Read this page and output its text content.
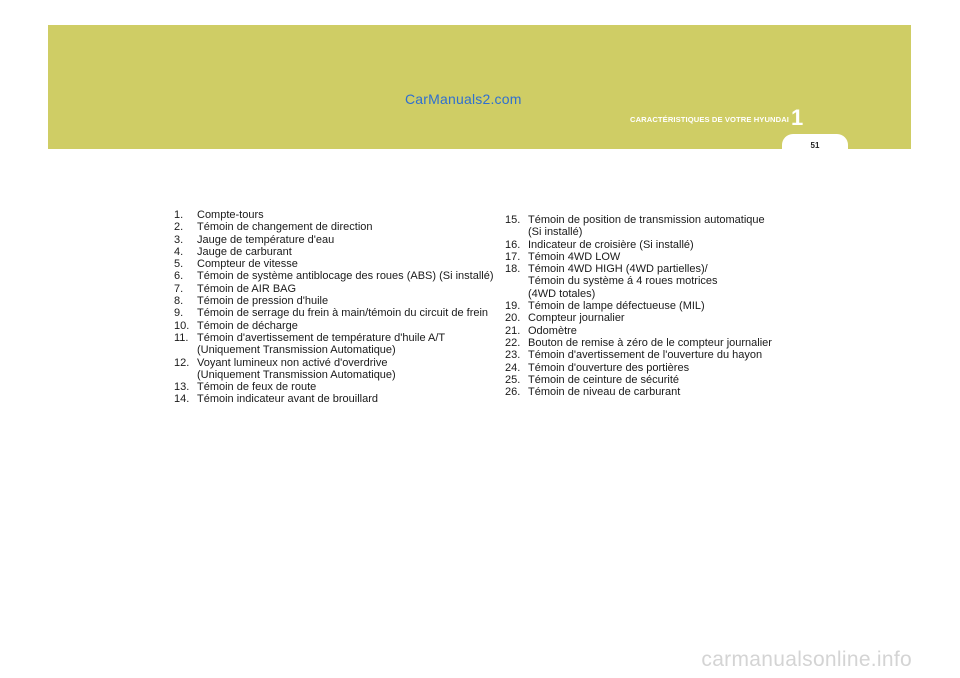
CarManuals2.com
CARACTÉRISTIQUES DE VOTRE HYUNDAI 1
51
1. Compte-tours
2. Témoin de changement de direction
3. Jauge de température d'eau
4. Jauge de carburant
5. Compteur de vitesse
6. Témoin de système antiblocage des roues (ABS) (Si installé)
7. Témoin de AIR BAG
8. Témoin de pression d'huile
9. Témoin de serrage du frein à main/témoin du circuit de frein
10. Témoin de décharge
11. Témoin d'avertissement de température d'huile A/T
(Uniquement Transmission Automatique)
12. Voyant lumineux non activé d'overdrive
(Uniquement Transmission Automatique)
13. Témoin de feux de route
14. Témoin indicateur avant de brouillard
15. Témoin de position de transmission automatique
(Si installé)
16. Indicateur de croisière (Si installé)
17. Témoin 4WD LOW
18. Témoin 4WD HIGH (4WD partielles)/
Témoin du système á 4 roues motrices
(4WD totales)
19. Témoin de lampe défectueuse (MIL)
20. Compteur journalier
21. Odomètre
22. Bouton de remise à zéro de le compteur journalier
23. Témoin d'avertissement de l'ouverture du hayon
24. Témoin d'ouverture des portières
25. Témoin de ceinture de sécurité
26. Témoin de niveau de carburant
carmanualsonline.info
